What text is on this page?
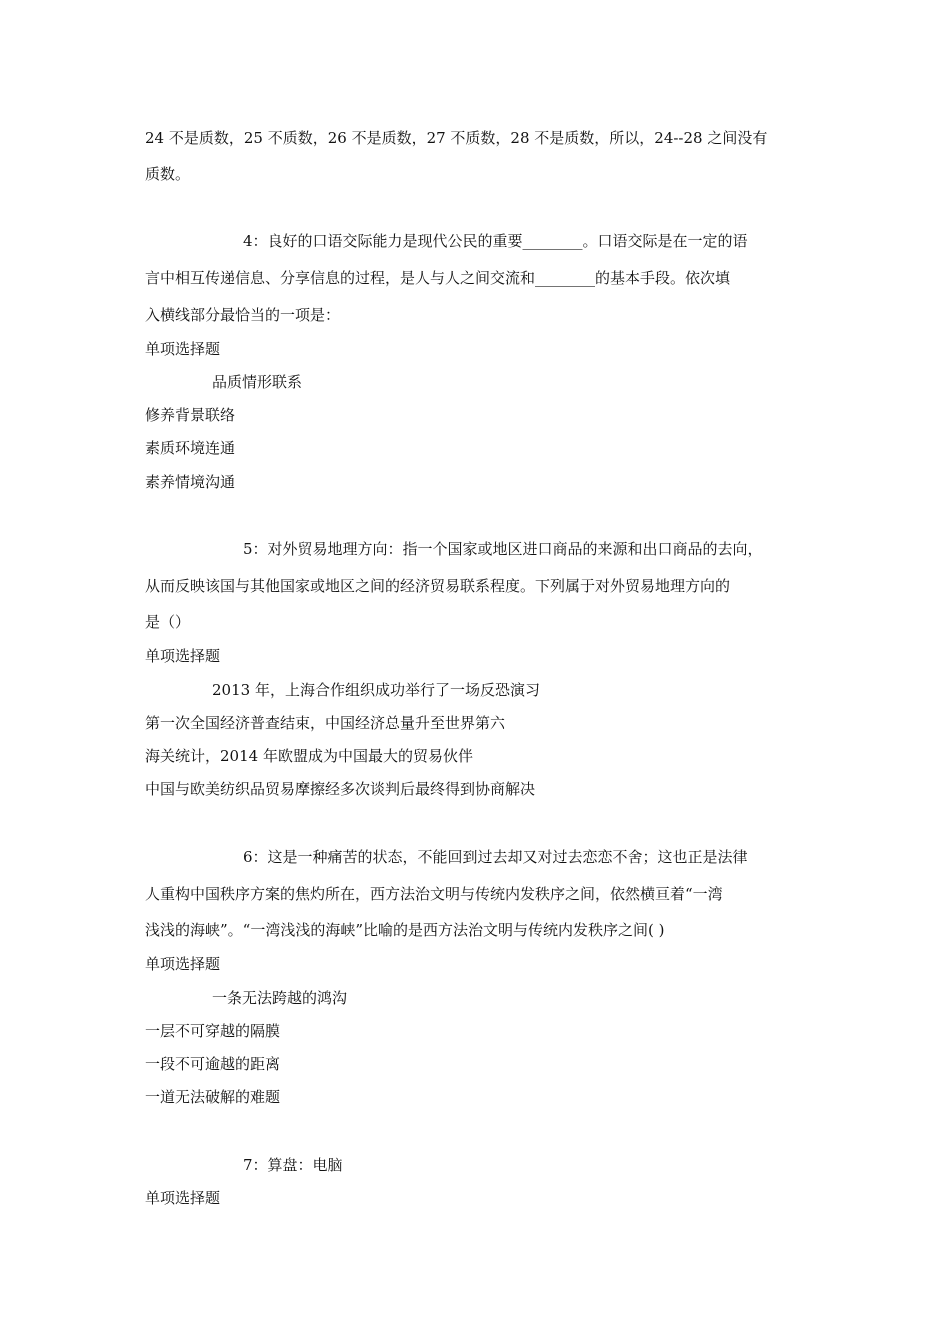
24 不是质数，25 不质数，26 不是质数，27 不质数，28 不是质数，所以，24--28 之间没有
质数。
4：良好的口语交际能力是现代公民的重要________。口语交际是在一定的语
言中相互传递信息、分享信息的过程，是人与人之间交流和________的基本手段。依次填
入横线部分最恰当的一项是：
单项选择题
品质情形联系
修养背景联络
素质环境连通
素养情境沟通
5：对外贸易地理方向：指一个国家或地区进口商品的来源和出口商品的去向，
从而反映该国与其他国家或地区之间的经济贸易联系程度。下列属于对外贸易地理方向的
是（）
单项选择题
2013 年，上海合作组织成功举行了一场反恐演习
第一次全国经济普查结束，中国经济总量升至世界第六
海关统计，2014 年欧盟成为中国最大的贸易伙伴
中国与欧美纺织品贸易摩擦经多次谈判后最终得到协商解决
6：这是一种痛苦的状态，不能回到过去却又对过去恋恋不舍；这也正是法律
人重构中国秩序方案的焦灼所在，西方法治文明与传统内发秩序之间，依然横亘着“一湾
浅浅的海峡”。“一湾浅浅的海峡”比喻的是西方法治文明与传统内发秩序之间( )
单项选择题
一条无法跨越的鸿沟
一层不可穿越的隔膜
一段不可逾越的距离
一道无法破解的难题
7：算盘：电脑
单项选择题
